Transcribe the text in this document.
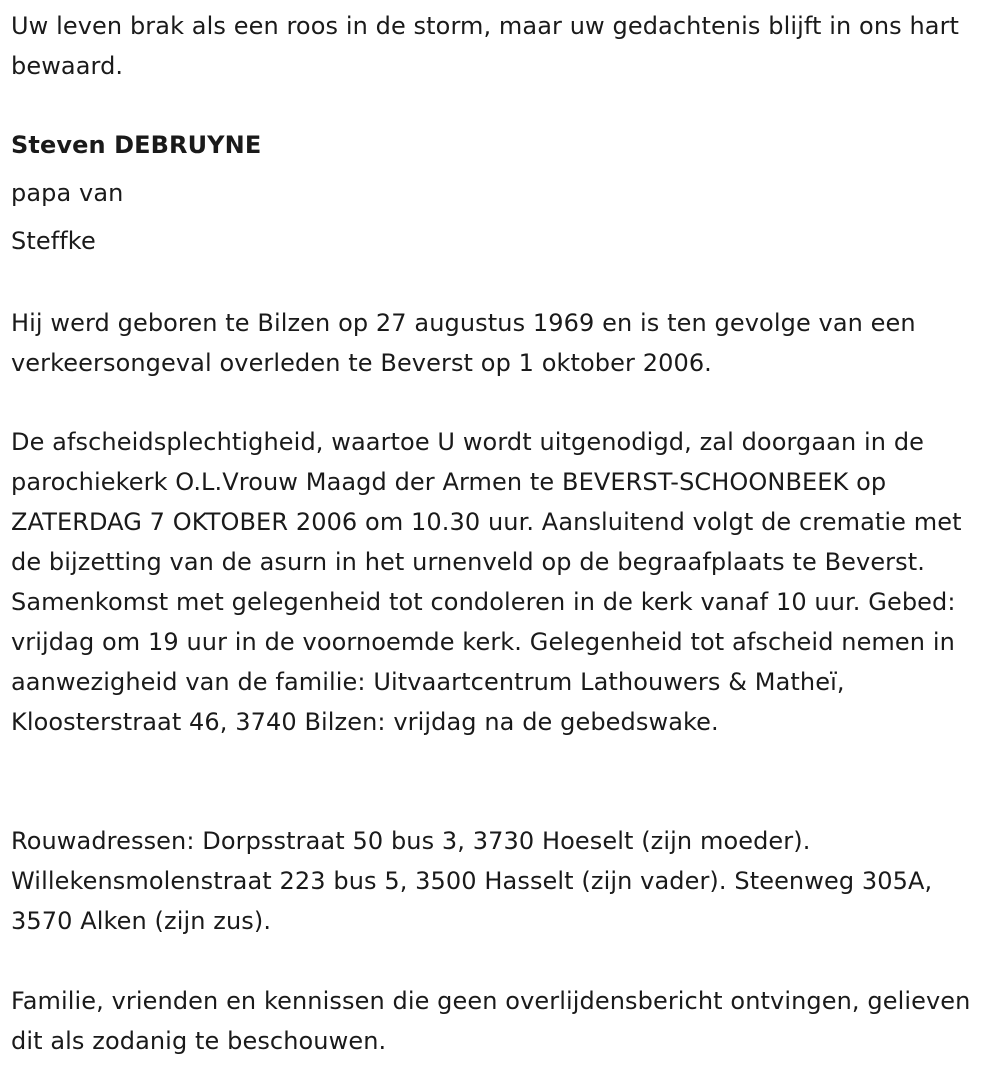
Uw leven brak als een roos in de storm, maar uw gedachtenis blijft in ons hart bewaard.

Steven DEBRUYNE

papa van

Steffke

Hij werd geboren te Bilzen op 27 augustus 1969 en is ten gevolge van een verkeersongeval overleden te Beverst op 1 oktober 2006.

De afscheidsplechtigheid, waartoe U wordt uitgenodigd, zal doorgaan in de parochiekerk O.L.Vrouw Maagd der Armen te BEVERST-SCHOONBEEK op ZATERDAG 7 OKTOBER 2006 om 10.30 uur. Aansluitend volgt de crematie met de bijzetting van de asurn in het urnenveld op de begraafplaats te Beverst. Samenkomst met gelegenheid tot condoleren in de kerk vanaf 10 uur. Gebed: vrijdag om 19 uur in de voornoemde kerk. Gelegenheid tot afscheid nemen in aanwezigheid van de familie: Uitvaartcentrum Lathouwers & Matheï, Kloosterstraat 46, 3740 Bilzen: vrijdag na de gebedswake.

Rouwadressen: Dorpsstraat 50 bus 3, 3730 Hoeselt (zijn moeder). Willekensmolenstraat 223 bus 5, 3500 Hasselt (zijn vader). Steenweg 305A, 3570 Alken (zijn zus).

Familie, vrienden en kennissen die geen overlijdensbericht ontvingen, gelieven dit als zodanig te beschouwen.
